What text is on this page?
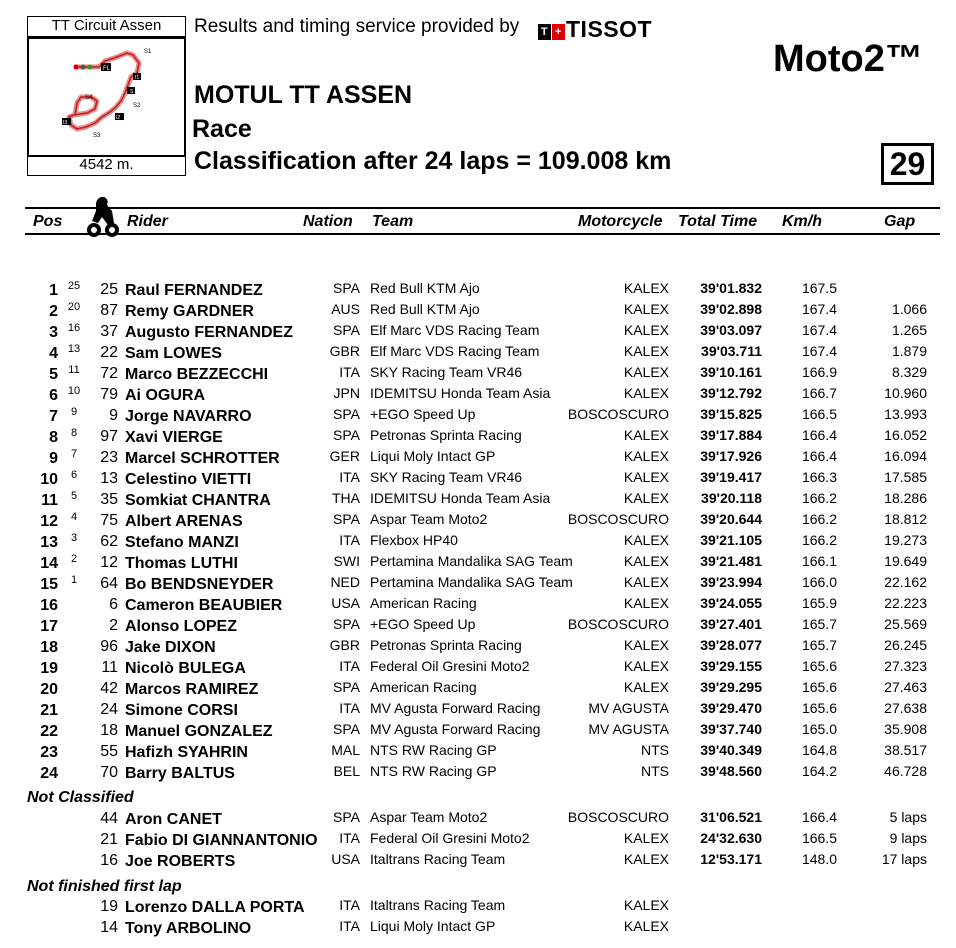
TT Circuit Assen
FL
S1
I1
S
I2
I3
S2
S3
S4
4542 m.
Results and timing service provided by T + TISSOT
Moto2™
MOTUL TT ASSEN
Race
Classification after 24 laps = 109.008 km	29
Pos	Rider	Nation Team	Motorcycle Total Time Km/h	Gap
1 25	25 Raul FERNANDEZ	SPA Red Bull KTM Ajo	KALEX	39'01.832	167.5
2 20	87 Remy GARDNER	AUS Red Bull KTM Ajo	KALEX	39'02.898	167.4	1.066
3 16	37 Augusto FERNANDEZ	SPA Elf Marc VDS Racing Team	KALEX	39'03.097	167.4	1.265
4 13	22 Sam LOWES	GBR Elf Marc VDS Racing Team	KALEX	39'03.711	167.4	1.879
5 11	72 Marco BEZZECCHI	ITA SKY Racing Team VR46	KALEX	39'10.161	166.9	8.329
6 10	79 Ai OGURA	JPN IDEMITSU Honda Team Asia	KALEX	39'12.792	166.7	10.960
7	9	9 Jorge NAVARRO	SPA +EGO Speed Up	BOSCOSCURO	39'15.825	166.5	13.993
8	8	97 Xavi VIERGE	SPA Petronas Sprinta Racing	KALEX	39'17.884	166.4	16.052
9	7	23 Marcel SCHROTTER	GER Liqui Moly Intact GP	KALEX	39'17.926	166.4	16.094
10	6	13 Celestino VIETTI	ITA SKY Racing Team VR46	KALEX	39'19.417	166.3	17.585
11	5	35 Somkiat CHANTRA	THA IDEMITSU Honda Team Asia	KALEX	39'20.118	166.2	18.286
12	4	75 Albert ARENAS	SPA Aspar Team Moto2	BOSCOSCURO	39'20.644	166.2	18.812
13	3	62 Stefano MANZI	ITA Flexbox HP40	KALEX	39'21.105	166.2	19.273
14	2	12 Thomas LUTHI	SWI Pertamina Mandalika SAG Team	KALEX	39'21.481	166.1	19.649
15	1	64 Bo BENDSNEYDER	NED Pertamina Mandalika SAG Team	KALEX	39'23.994	166.0	22.162
16	6 Cameron BEAUBIER	USA American Racing	KALEX	39'24.055	165.9	22.223
17	2 Alonso LOPEZ	SPA +EGO Speed Up	BOSCOSCURO	39'27.401	165.7	25.569
18	96 Jake DIXON	GBR Petronas Sprinta Racing	KALEX	39'28.077	165.7	26.245
19	11 Nicolò BULEGA	ITA Federal Oil Gresini Moto2	KALEX	39'29.155	165.6	27.323
20	42 Marcos RAMIREZ	SPA American Racing	KALEX	39'29.295	165.6	27.463
21	24 Simone CORSI	ITA MV Agusta Forward Racing	MV AGUSTA	39'29.470	165.6	27.638
22	18 Manuel GONZALEZ	SPA MV Agusta Forward Racing	MV AGUSTA	39'37.740	165.0	35.908
23	55 Hafizh SYAHRIN	MAL NTS RW Racing GP	NTS	39'40.349	164.8	38.517
24	70 Barry BALTUS	BEL NTS RW Racing GP	NTS	39'48.560	164.2	46.728
Not Classified
44 Aron CANET	SPA Aspar Team Moto2	BOSCOSCURO	31'06.521	166.4	5 laps
21 Fabio DI GIANNANTONIO	ITA Federal Oil Gresini Moto2	KALEX	24'32.630	166.5	9 laps
16 Joe ROBERTS	USA Italtrans Racing Team	KALEX	12'53.171	148.0	17 laps
Not finished first lap
19 Lorenzo DALLA PORTA	ITA Italtrans Racing Team	KALEX
14 Tony ARBOLINO	ITA Liqui Moly Intact GP	KALEX
